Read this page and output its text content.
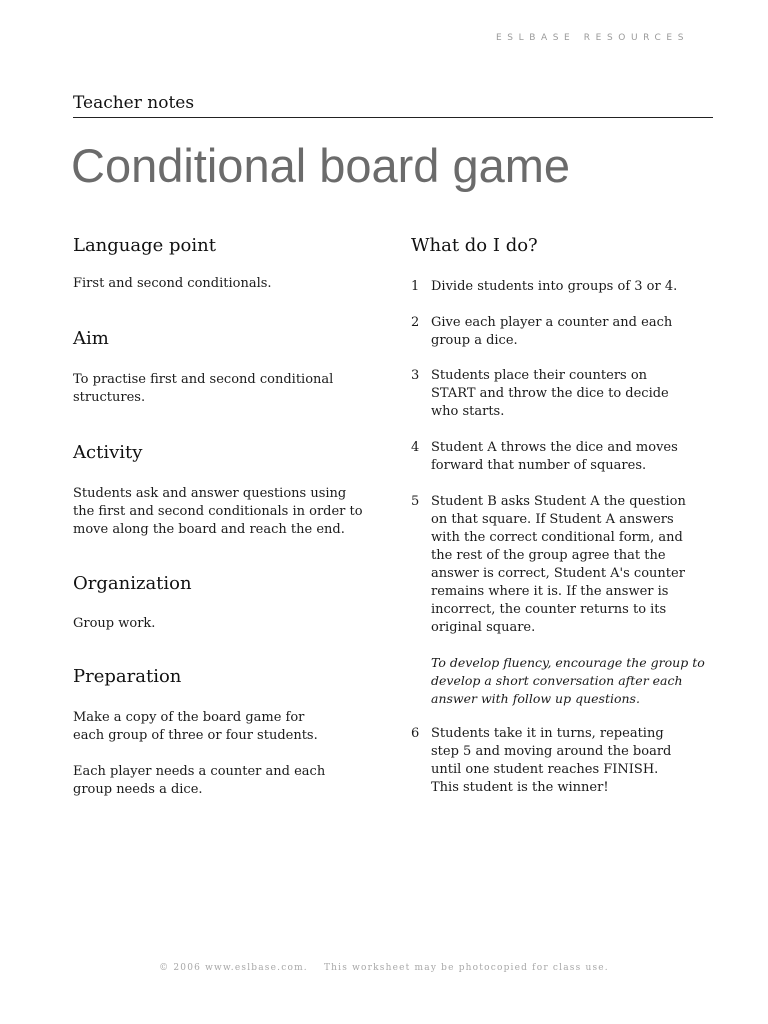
ESLBASE RESOURCES
Teacher notes
Conditional board game
Language point
First and second conditionals.
Aim
To practise first and second conditional
structures.
Activity
Students ask and answer questions using
the first and second conditionals in order to
move along the board and reach the end.
Organization
Group work.
Preparation
Make a copy of the board game for
each group of three or four students.
Each player needs a counter and each
group needs a dice.
What do I do?
1 Divide students into groups of 3 or 4.
2 Give each player a counter and each
group a dice.
3 Students place their counters on
START and throw the dice to decide
who starts.
4 Student A throws the dice and moves
forward that number of squares.
5 Student B asks Student A the question
on that square. If Student A answers
with the correct conditional form, and
the rest of the group agree that the
answer is correct, Student A's counter
remains where it is. If the answer is
incorrect, the counter returns to its
original square.
To develop fluency, encourage the group to
develop a short conversation after each
answer with follow up questions.
6 Students take it in turns, repeating
step 5 and moving around the board
until one student reaches FINISH.
This student is the winner!
© 2006 www.eslbase.com. This worksheet may be photocopied for class use.
